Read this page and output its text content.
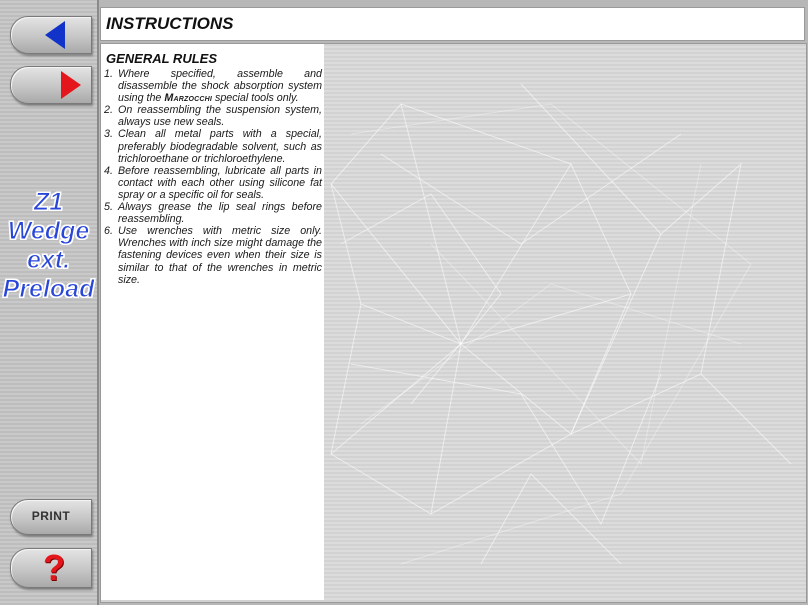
Z1
Wedge
ext.
Preload
PRINT
?
INSTRUCTIONS
GENERAL RULES
1. Where specified, assemble and disassemble the shock absorption system using the Marzocchi special tools only.
2. On reassembling the suspension system, always use new seals.
3. Clean all metal parts with a special, preferably biodegradable solvent, such as trichloroethane or trichloroethylene.
4. Before reassembling, lubricate all parts in contact with each other using silicone fat spray or a specific oil for seals.
5. Always grease the lip seal rings before reassembling.
6. Use wrenches with metric size only. Wrenches with inch size might damage the fastening devices even when their size is similar to that of the wrenches in metric size.
